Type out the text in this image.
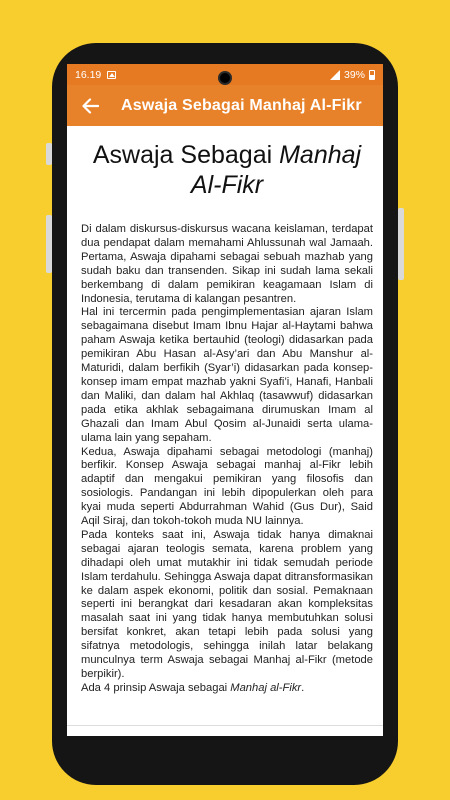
16.19	39%
Aswaja Sebagai Manhaj Al-Fikr
Aswaja Sebagai Manhaj Al-Fikr

Di dalam diskursus-diskursus wacana keislaman, terdapat dua pendapat dalam memahami Ahlussunah wal Jamaah. Pertama, Aswaja dipahami sebagai sebuah mazhab yang sudah baku dan transenden. Sikap ini sudah lama sekali berkembang di dalam pemikiran keagamaan Islam di Indonesia, terutama di kalangan pesantren.

Hal ini tercermin pada pengimplementasian ajaran Islam sebagaimana disebut Imam Ibnu Hajar al-Haytami bahwa paham Aswaja ketika bertauhid (teologi) didasarkan pada pemikiran Abu Hasan al-Asy’ari dan Abu Manshur al-Maturidi, dalam berfikih (Syar’i) didasarkan pada konsep-konsep imam empat mazhab yakni Syafi’i, Hanafi, Hanbali dan Maliki, dan dalam hal Akhlaq (tasawwuf) didasarkan pada etika akhlak sebagaimana dirumuskan Imam al Ghazali dan Imam Abul Qosim al-Junaidi serta ulama-ulama lain yang sepaham.

Kedua, Aswaja dipahami sebagai metodologi (manhaj) berfikir. Konsep Aswaja sebagai manhaj al-Fikr lebih adaptif dan mengakui pemikiran yang filosofis dan sosiologis. Pandangan ini lebih dipopulerkan oleh para kyai muda seperti Abdurrahman Wahid (Gus Dur), Said Aqil Siraj, dan tokoh-tokoh muda NU lainnya.

Pada konteks saat ini, Aswaja tidak hanya dimaknai sebagai ajaran teologis semata, karena problem yang dihadapi oleh umat mutakhir ini tidak semudah periode Islam terdahulu. Sehingga Aswaja dapat ditransformasikan ke dalam aspek ekonomi, politik dan sosial. Pemaknaan seperti ini berangkat dari kesadaran akan kompleksitas masalah saat ini yang tidak hanya membutuhkan solusi bersifat konkret, akan tetapi lebih pada solusi yang sifatnya metodologis, sehingga inilah latar belakang munculnya term Aswaja sebagai Manhaj al-Fikr (metode berpikir).

Ada 4 prinsip Aswaja sebagai Manhaj al-Fikr.
